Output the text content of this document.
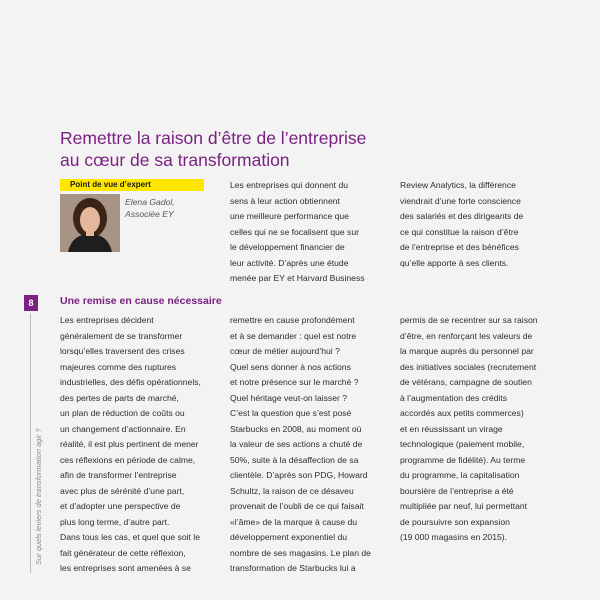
Remettre la raison d’être de l’entreprise
au cœur de sa transformation
Point de vue d’expert
Elena Gadol,
Associée EY
Les entreprises qui donnent du
sens à leur action obtiennent
une meilleure performance que
celles qui ne se focalisent que sur
le développement financier de
leur activité. D’après une étude
menée par EY et Harvard Business
Review Analytics, la différence
viendrait d’une forte conscience
des salariés et des dirigeants de
ce qui constitue la raison d’être
de l’entreprise et des bénéfices
qu’elle apporte à ses clients.
8
Sur quels leviers de transformation agir ?
Une remise en cause nécessaire
Les entreprises décident
généralement de se transformer
lorsqu’elles traversent des crises
majeures comme des ruptures
industrielles, des défis opérationnels,
des pertes de parts de marché,
un plan de réduction de coûts ou
un changement d’actionnaire. En
réalité, il est plus pertinent de mener
ces réflexions en période de calme,
afin de transformer l’entreprise
avec plus de sérénité d’une part,
et d’adopter une perspective de
plus long terme, d’autre part.
Dans tous les cas, et quel que soit le
fait générateur de cette réflexion,
les entreprises sont amenées à se
remettre en cause profondément
et à se demander : quel est notre
cœur de métier aujourd’hui ?
Quel sens donner à nos actions
et notre présence sur le marché ?
Quel héritage veut-on laisser ?
C’est la question que s’est posé
Starbucks en 2008, au moment où
la valeur de ses actions a chuté de
50%, suite à la désaffection de sa
clientèle. D’après son PDG, Howard
Schultz, la raison de ce désaveu
provenait de l’oubli de ce qui faisait
«l’âme» de la marque à cause du
développement exponentiel du
nombre de ses magasins. Le plan de
transformation de Starbucks lui a
permis de se recentrer sur sa raison
d’être, en renforçant les valeurs de
la marque auprès du personnel par
des initiatives sociales (recrutement
de vétérans, campagne de soutien
à l’augmentation des crédits
accordés aux petits commerces)
et en réussissant un virage
technologique (paiement mobile,
programme de fidélité). Au terme
du programme, la capitalisation
boursière de l’entreprise a été
multipliée par neuf, lui permettant
de poursuivre son expansion
(19 000 magasins en 2015).
